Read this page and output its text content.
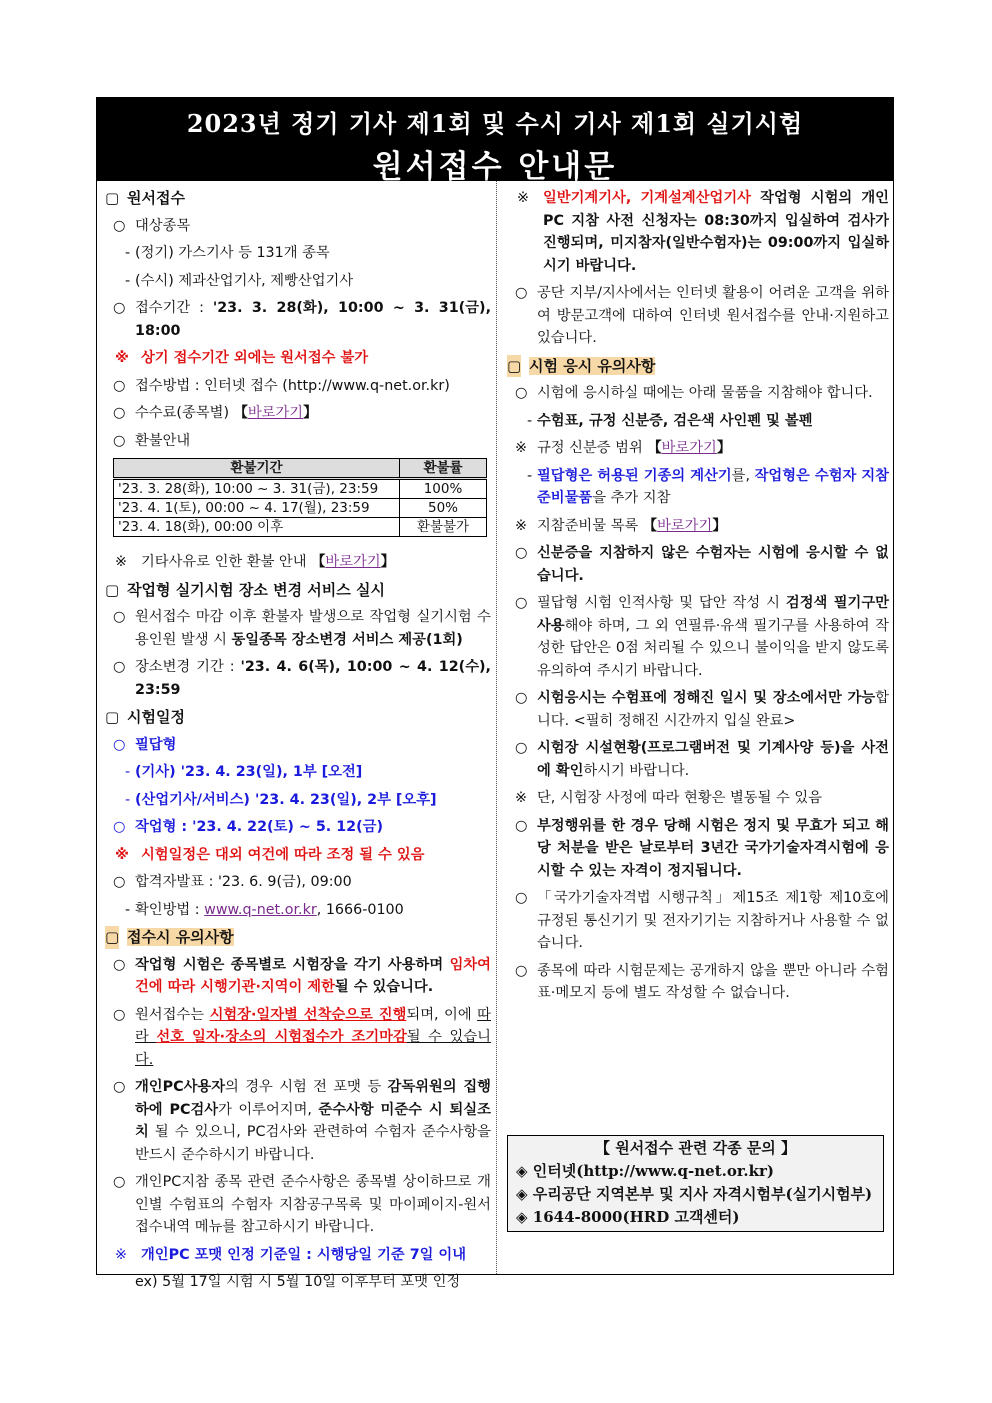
2023년 정기 기사 제1회 및 수시 기사 제1회 실기시험
원서접수 안내문
▢ 원서접수
○ 대상종목
- (정기) 가스기사 등 131개 종목
- (수시) 제과산업기사, 제빵산업기사
○ 접수기간 : '23. 3. 28(화), 10:00 ~ 3. 31(금), 18:00
※ 상기 접수기간 외에는 원서접수 불가
○ 접수방법 : 인터넷 접수 (http://www.q-net.or.kr)
○ 수수료(종목별) 【바로가기】
○ 환불안내
환불기간	환불률
'23. 3. 28(화), 10:00 ~ 3. 31(금), 23:59	100%
'23. 4. 1(토), 00:00 ~ 4. 17(월), 23:59	50%
'23. 4. 18(화), 00:00 이후	환불불가
※ 기타사유로 인한 환불 안내 【바로가기】
▢ 작업형 실기시험 장소 변경 서비스 실시
○ 원서접수 마감 이후 환불자 발생으로 작업형 실기시험 수용인원 발생 시 동일종목 장소변경 서비스 제공(1회)
○ 장소변경 기간 : '23. 4. 6(목), 10:00 ~ 4. 12(수), 23:59
▢ 시험일정
○ 필답형
- (기사) '23. 4. 23(일), 1부 [오전]
- (산업기사/서비스) '23. 4. 23(일), 2부 [오후]
○ 작업형 : '23. 4. 22(토) ~ 5. 12(금)
※ 시험일정은 대외 여건에 따라 조정 될 수 있음
○ 합격자발표 : '23. 6. 9(금), 09:00
- 확인방법 : www.q-net.or.kr, 1666-0100
▢ 접수시 유의사항
○ 작업형 시험은 종목별로 시험장을 각기 사용하며 임차여건에 따라 시행기관·지역이 제한될 수 있습니다.
○ 원서접수는 시험장·일자별 선착순으로 진행되며, 이에 따라 선호 일자·장소의 시험접수가 조기마감될 수 있습니다.
○ 개인PC사용자의 경우 시험 전 포맷 등 감독위원의 집행 하에 PC검사가 이루어지며, 준수사항 미준수 시 퇴실조치 될 수 있으니, PC검사와 관련하여 수험자 준수사항을 반드시 준수하시기 바랍니다.
○ 개인PC지참 종목 관련 준수사항은 종목별 상이하므로 개인별 수험표의 수험자 지참공구목록 및 마이페이지-원서접수내역 메뉴를 참고하시기 바랍니다.
※ 개인PC 포맷 인정 기준일 : 시행당일 기준 7일 이내
ex) 5월 17일 시험 시 5월 10일 이후부터 포맷 인정
※ 일반기계기사, 기계설계산업기사 작업형 시험의 개인PC 지참 사전 신청자는 08:30까지 입실하여 검사가 진행되며, 미지참자(일반수험자)는 09:00까지 입실하시기 바랍니다.
○ 공단 지부/지사에서는 인터넷 활용이 어려운 고객을 위하여 방문고객에 대하여 인터넷 원서접수를 안내·지원하고 있습니다.
▢ 시험 응시 유의사항
○ 시험에 응시하실 때에는 아래 물품을 지참해야 합니다.
- 수험표, 규정 신분증, 검은색 사인펜 및 볼펜
※ 규정 신분증 범위 【바로가기】
- 필답형은 허용된 기종의 계산기를, 작업형은 수험자 지참준비물품을 추가 지참
※ 지참준비물 목록 【바로가기】
○ 신분증을 지참하지 않은 수험자는 시험에 응시할 수 없습니다.
○ 필답형 시험 인적사항 및 답안 작성 시 검정색 필기구만 사용해야 하며, 그 외 연필류·유색 필기구를 사용하여 작성한 답안은 0점 처리될 수 있으니 불이익을 받지 않도록 유의하여 주시기 바랍니다.
○ 시험응시는 수험표에 정해진 일시 및 장소에서만 가능합니다. <필히 정해진 시간까지 입실 완료>
○ 시험장 시설현황(프로그램버전 및 기계사양 등)을 사전에 확인하시기 바랍니다.
※ 단, 시험장 사정에 따라 현황은 별동될 수 있음
○ 부정행위를 한 경우 당해 시험은 정지 및 무효가 되고 해당 처분을 받은 날로부터 3년간 국가기술자격시험에 응시할 수 있는 자격이 정지됩니다.
○ 「국가기술자격법 시행규칙」제15조 제1항 제10호에 규정된 통신기기 및 전자기기는 지참하거나 사용할 수 없습니다.
○ 종목에 따라 시험문제는 공개하지 않을 뿐만 아니라 수험표·메모지 등에 별도 작성할 수 없습니다.
【 원서접수 관련 각종 문의 】
◈ 인터넷(http://www.q-net.or.kr)
◈ 우리공단 지역본부 및 지사 자격시험부(실기시험부)
◈ 1644-8000(HRD 고객센터)
